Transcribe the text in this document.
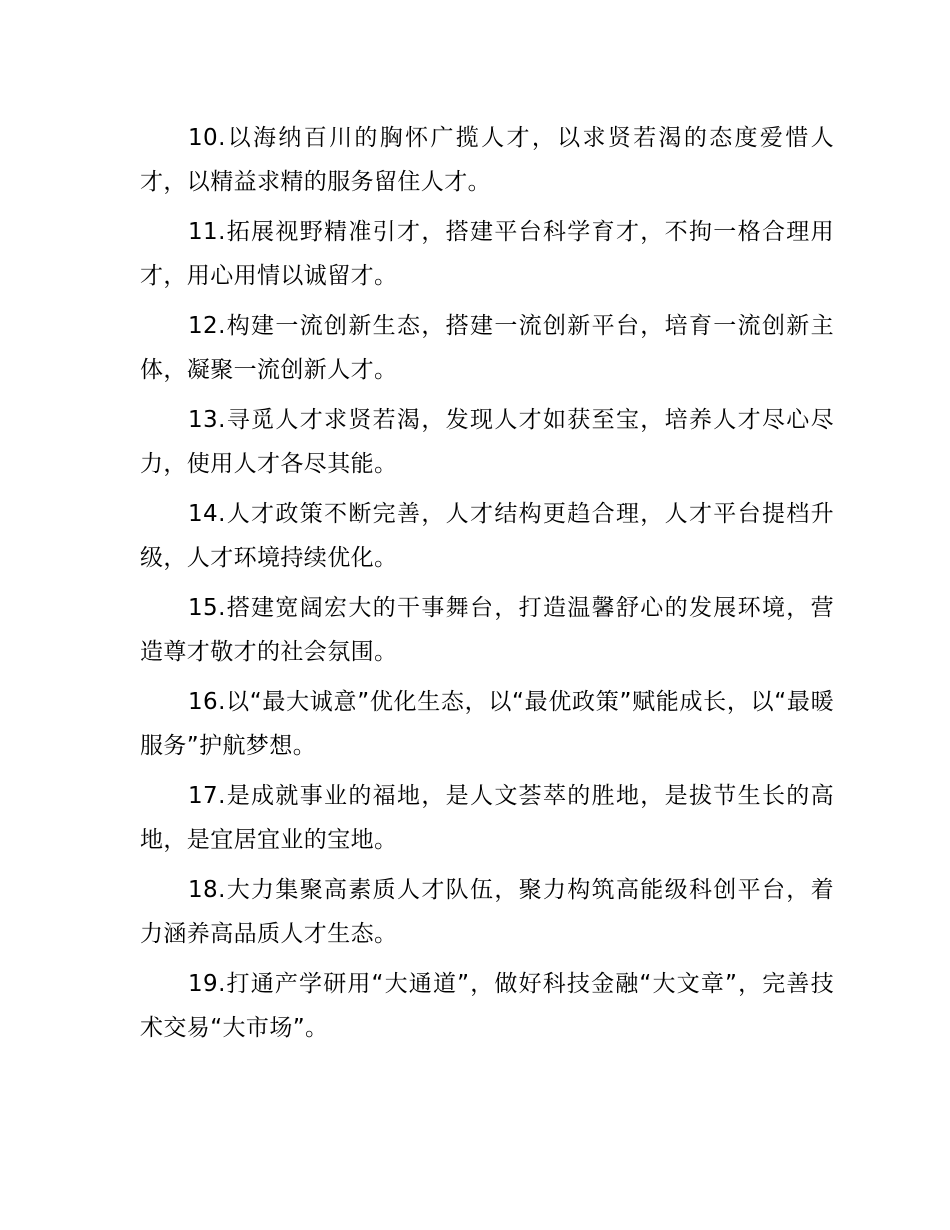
10.以海纳百川的胸怀广揽人才，以求贤若渴的态度爱惜人才，以精益求精的服务留住人才。

11.拓展视野精准引才，搭建平台科学育才，不拘一格合理用才，用心用情以诚留才。

12.构建一流创新生态，搭建一流创新平台，培育一流创新主体，凝聚一流创新人才。

13.寻觅人才求贤若渴，发现人才如获至宝，培养人才尽心尽力，使用人才各尽其能。

14.人才政策不断完善，人才结构更趋合理，人才平台提档升级，人才环境持续优化。

15.搭建宽阔宏大的干事舞台，打造温馨舒心的发展环境，营造尊才敬才的社会氛围。

16.以“最大诚意”优化生态，以“最优政策”赋能成长，以“最暖服务”护航梦想。

17.是成就事业的福地，是人文荟萃的胜地，是拔节生长的高地，是宜居宜业的宝地。

18.大力集聚高素质人才队伍，聚力构筑高能级科创平台，着力涵养高品质人才生态。

19.打通产学研用“大通道”，做好科技金融“大文章”，完善技术交易“大市场”。
